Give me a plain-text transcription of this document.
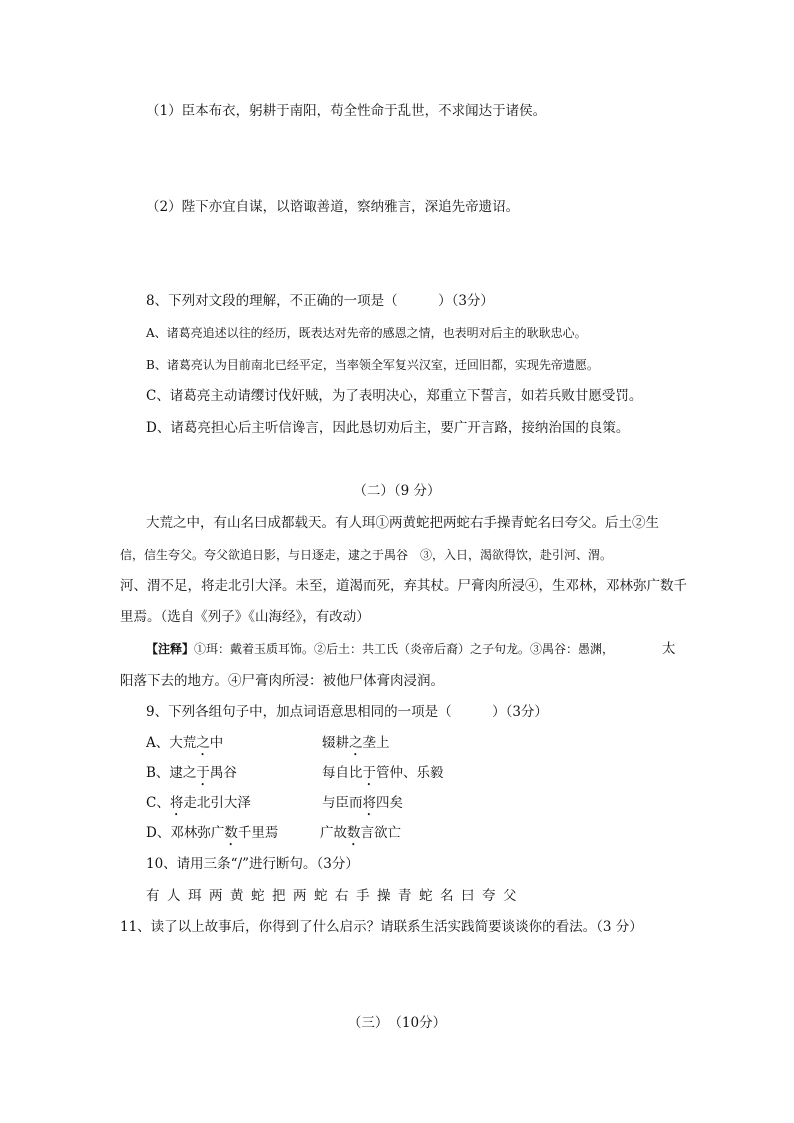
（1）臣本布衣，躬耕于南阳，苟全性命于乱世，不求闻达于诸侯。
（2）陛下亦宜自谋，以谘诹善道，察纳雅言，深追先帝遗诏。
8、下列对文段的理解，不正确的一项是（　　　）（3分）
A、诸葛亮追述以往的经历，既表达对先帝的感恩之情，也表明对后主的耿耿忠心。
B、诸葛亮认为目前南北已经平定，当率领全军复兴汉室，迁回旧都，实现先帝遗愿。
C、诸葛亮主动请缨讨伐奸贼，为了表明决心，郑重立下誓言，如若兵败甘愿受罚。
D、诸葛亮担心后主听信谗言，因此恳切劝后主，要广开言路，接纳治国的良策。
（二）（9 分）
大荒之中，有山名曰成都载天。有人珥①两黄蛇把两蛇右手操青蛇名曰夸父。后土②生
信，信生夸父。夸父欲追日影，与日逐走，逮之于禺谷　③，入日，渴欲得饮，赴引河、渭。
河、渭不足，将走北引大泽。未至，道渴而死，弃其杖。尸膏肉所浸④，生邓林，邓林弥广数千
里焉。（选自《列子》《山海经》，有改动）
【注释】①珥：戴着玉质耳饰。②后土：共工氏（炎帝后裔）之子句龙。③禺谷：愚渊，	太
阳落下去的地方。④尸膏肉所浸：被他尸体膏肉浸润。
9、下列各组句子中，加点词语意思相同的一项是（　　　）（3分）
A、大荒之中	辍耕之垄上
B、逮之于禺谷	每自比于管仲、乐毅
C、将走北引大泽	与臣而将四矣
D、邓林弥广数千里焉	广故数言欲亡
10、请用三条“/”进行断句。（3分）
有人珥两黄蛇把两蛇右手操青蛇名曰夸父
11、读了以上故事后，你得到了什么启示？请联系生活实践简要谈谈你的看法。（3 分）
（三）　（10分）
